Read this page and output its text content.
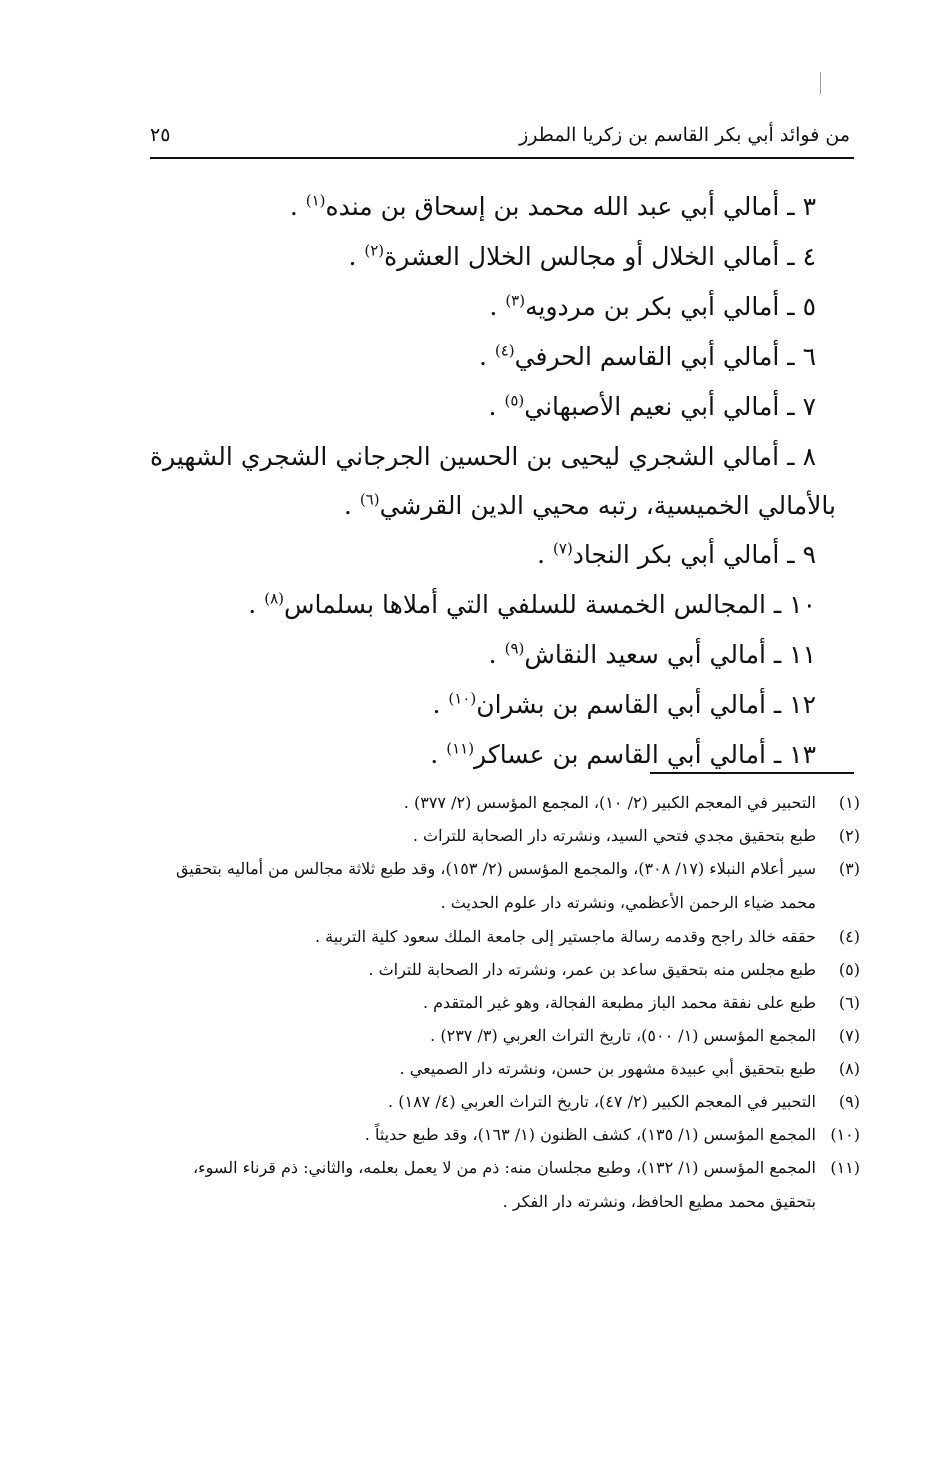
من فوائد أبي بكر القاسم بن زكريا المطرز
٢٥
٣ ـ أمالي أبي عبد الله محمد بن إسحاق بن منده$^{(١)}$ .
٤ ـ أمالي الخلال أو مجالس الخلال العشرة$^{(٢)}$ .
٥ ـ أمالي أبي بكر بن مردويه$^{(٣)}$ .
٦ ـ أمالي أبي القاسم الحرفي$^{(٤)}$ .
٧ ـ أمالي أبي نعيم الأصبهاني$^{(٥)}$ .
٨ ـ أمالي الشجري ليحيى بن الحسين الجرجاني الشجري الشهيرة بالأمالي الخميسية، رتبه محيي الدين القرشي$^{(٦)}$ .
٩ ـ أمالي أبي بكر النجاد$^{(٧)}$ .
١٠ ـ المجالس الخمسة للسلفي التي أملاها بسلماس$^{(٨)}$ .
١١ ـ أمالي أبي سعيد النقاش$^{(٩)}$ .
١٢ ـ أمالي أبي القاسم بن بشران$^{(١٠)}$ .
١٣ ـ أمالي أبي القاسم بن عساكر$^{(١١)}$ .
(١)
التحبير في المعجم الكبير (٢/ ١٠)، المجمع المؤسس (٢/ ٣٧٧) .
(٢)
طبع بتحقيق مجدي فتحي السيد، ونشرته دار الصحابة للتراث .
(٣)
سير أعلام النبلاء (١٧/ ٣٠٨)، والمجمع المؤسس (٢/ ١٥٣)، وقد طبع ثلاثة مجالس من أماليه بتحقيق محمد ضياء الرحمن الأعظمي، ونشرته دار علوم الحديث .
(٤)
حققه خالد راجح وقدمه رسالة ماجستير إلى جامعة الملك سعود كلية التربية .
(٥)
طبع مجلس منه بتحقيق ساعد بن عمر، ونشرته دار الصحابة للتراث .
(٦)
طبع على نفقة محمد الباز مطبعة الفجالة، وهو غير المتقدم .
(٧)
المجمع المؤسس (١/ ٥٠٠)، تاريخ التراث العربي (٣/ ٢٣٧) .
(٨)
طبع بتحقيق أبي عبيدة مشهور بن حسن، ونشرته دار الصميعي .
(٩)
التحبير في المعجم الكبير (٢/ ٤٧)، تاريخ التراث العربي (٤/ ١٨٧) .
(١٠)
المجمع المؤسس (١/ ١٣٥)، كشف الظنون (١/ ١٦٣)، وقد طبع حديثاً .
(١١)
المجمع المؤسس (١/ ١٣٢)، وطبع مجلسان منه: ذم من لا يعمل بعلمه، والثاني: ذم قرناء السوء، بتحقيق محمد مطيع الحافظ، ونشرته دار الفكر .
